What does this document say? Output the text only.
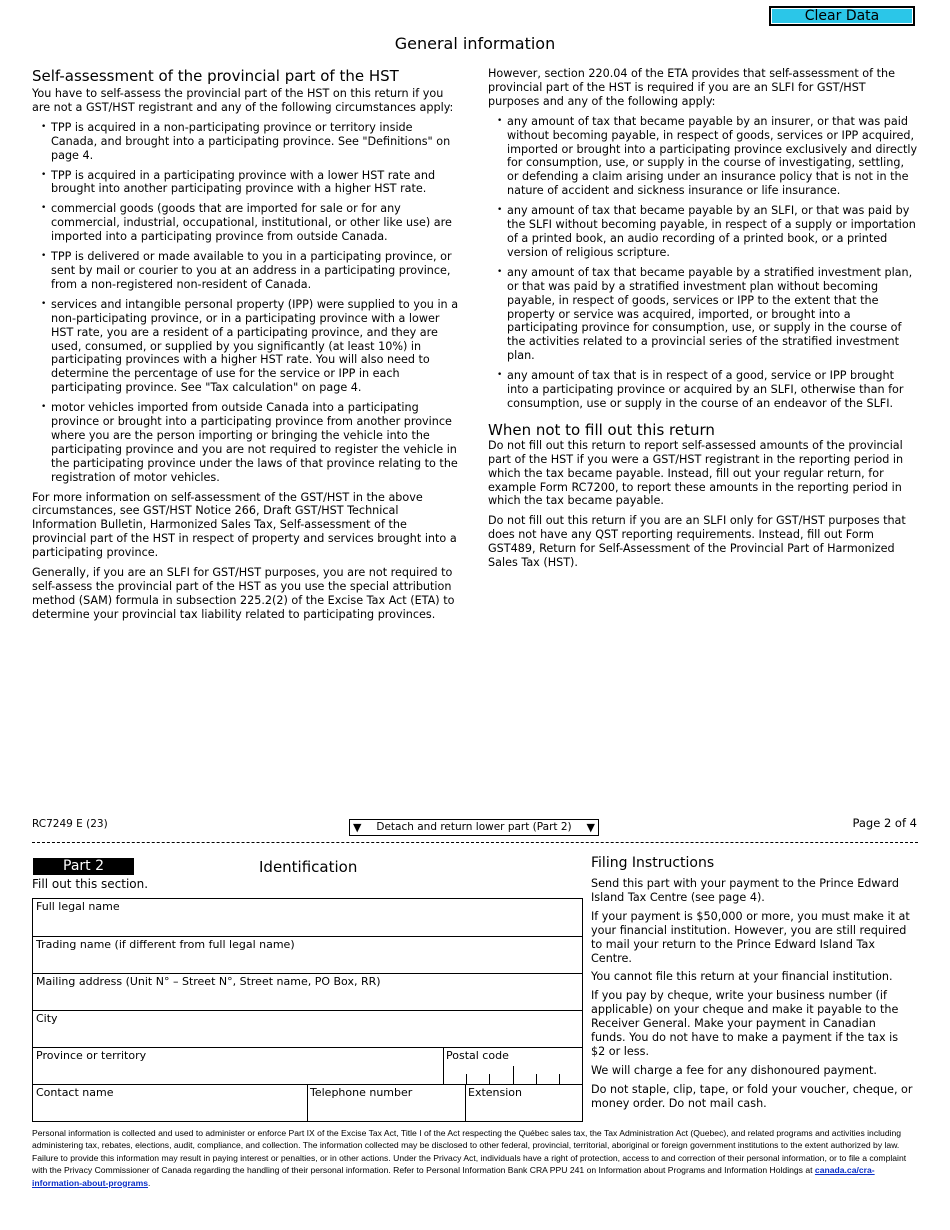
Clear Data
General information
Self-assessment of the provincial part of the HST

You have to self-assess the provincial part of the HST on this return if you are not a GST/HST registrant and any of the following circumstances apply:

• TPP is acquired in a non-participating province or territory inside Canada, and brought into a participating province. See "Definitions" on page 4.
• TPP is acquired in a participating province with a lower HST rate and brought into another participating province with a higher HST rate.
• commercial goods (goods that are imported for sale or for any commercial, industrial, occupational, institutional, or other like use) are imported into a participating province from outside Canada.
• TPP is delivered or made available to you in a participating province, or sent by mail or courier to you at an address in a participating province, from a non-registered non-resident of Canada.
• services and intangible personal property (IPP) were supplied to you in a non-participating province, or in a participating province with a lower HST rate, you are a resident of a participating province, and they are used, consumed, or supplied by you significantly (at least 10%) in participating provinces with a higher HST rate. You will also need to determine the percentage of use for the service or IPP in each participating province. See "Tax calculation" on page 4.
• motor vehicles imported from outside Canada into a participating province or brought into a participating province from another province where you are the person importing or bringing the vehicle into the participating province and you are not required to register the vehicle in the participating province under the laws of that province relating to the registration of motor vehicles.

For more information on self-assessment of the GST/HST in the above circumstances, see GST/HST Notice 266, Draft GST/HST Technical Information Bulletin, Harmonized Sales Tax, Self-assessment of the provincial part of the HST in respect of property and services brought into a participating province.

Generally, if you are an SLFI for GST/HST purposes, you are not required to self-assess the provincial part of the HST as you use the special attribution method (SAM) formula in subsection 225.2(2) of the Excise Tax Act (ETA) to determine your provincial tax liability related to participating provinces.

However, section 220.04 of the ETA provides that self-assessment of the provincial part of the HST is required if you are an SLFI for GST/HST purposes and any of the following apply:

• any amount of tax that became payable by an insurer, or that was paid without becoming payable, in respect of goods, services or IPP acquired, imported or brought into a participating province exclusively and directly for consumption, use, or supply in the course of investigating, settling, or defending a claim arising under an insurance policy that is not in the nature of accident and sickness insurance or life insurance.
• any amount of tax that became payable by an SLFI, or that was paid by the SLFI without becoming payable, in respect of a supply or importation of a printed book, an audio recording of a printed book, or a printed version of religious scripture.
• any amount of tax that became payable by a stratified investment plan, or that was paid by a stratified investment plan without becoming payable, in respect of goods, services or IPP to the extent that the property or service was acquired, imported, or brought into a participating province for consumption, use, or supply in the course of the activities related to a provincial series of the stratified investment plan.
• any amount of tax that is in respect of a good, service or IPP brought into a participating province or acquired by an SLFI, otherwise than for consumption, use or supply in the course of an endeavor of the SLFI.
When not to fill out this return

Do not fill out this return to report self-assessed amounts of the provincial part of the HST if you were a GST/HST registrant in the reporting period in which the tax became payable. Instead, fill out your regular return, for example Form RC7200, to report these amounts in the reporting period in which the tax became payable.

Do not fill out this return if you are an SLFI only for GST/HST purposes that does not have any QST reporting requirements. Instead, fill out Form GST489, Return for Self-Assessment of the Provincial Part of Harmonized Sales Tax (HST).

RC7249 E (23)	▼ Detach and return lower part (Part 2) ▼	Page 2 of 4
Part 2	Identification
Fill out this section.
Full legal name
Trading name (if different from full legal name)
Mailing address (Unit N° – Street N°, Street name, PO Box, RR)
City
Province or territory	Postal code
Contact name	Telephone number	Extension
Filing Instructions

Send this part with your payment to the Prince Edward Island Tax Centre (see page 4).

If your payment is $50,000 or more, you must make it at your financial institution. However, you are still required to mail your return to the Prince Edward Island Tax Centre.

You cannot file this return at your financial institution.

If you pay by cheque, write your business number (if applicable) on your cheque and make it payable to the Receiver General. Make your payment in Canadian funds. You do not have to make a payment if the tax is $2 or less.

We will charge a fee for any dishonoured payment.

Do not staple, clip, tape, or fold your voucher, cheque, or money order. Do not mail cash.

Personal information is collected and used to administer or enforce Part IX of the Excise Tax Act, Title I of the Act respecting the Québec sales tax, the Tax Administration Act (Quebec), and related programs and activities including administering tax, rebates, elections, audit, compliance, and collection. The information collected may be disclosed to other federal, provincial, territorial, aboriginal or foreign government institutions to the extent authorized by law. Failure to provide this information may result in paying interest or penalties, or in other actions. Under the Privacy Act, individuals have a right of protection, access to and correction of their personal information, or to file a complaint with the Privacy Commissioner of Canada regarding the handling of their personal information. Refer to Personal Information Bank CRA PPU 241 on Information about Programs and Information Holdings at canada.ca/cra-information-about-programs.
